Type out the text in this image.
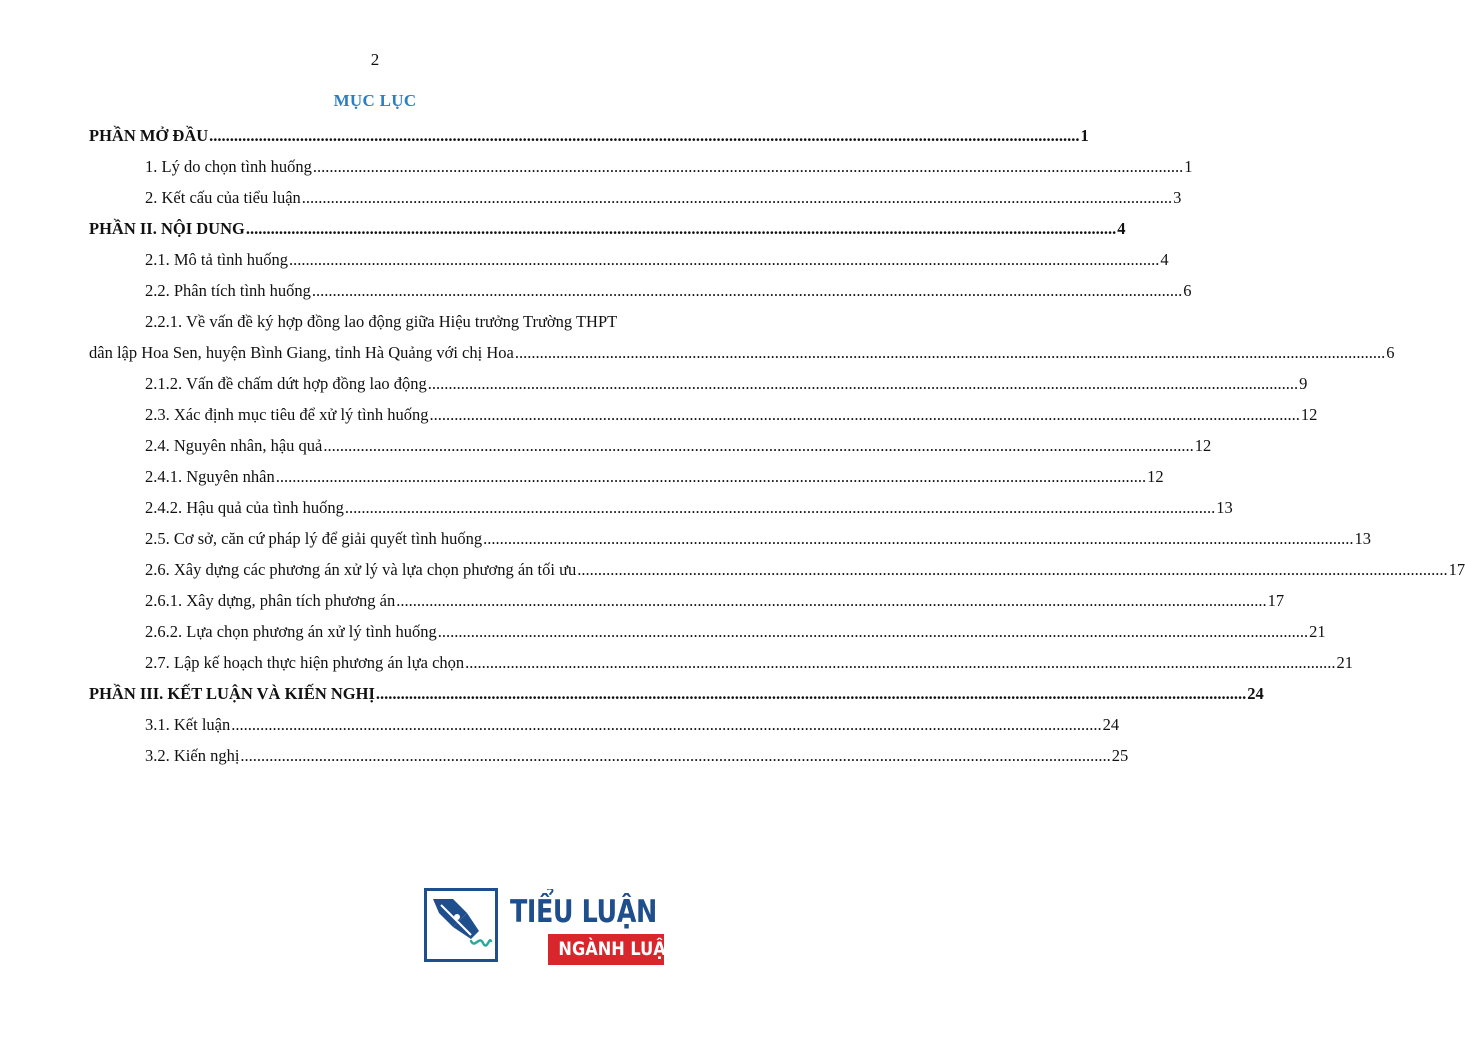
2
MỤC LỤC
PHẦN MỞ ĐẦU .....	1
1. Lý do chọn tình huống .....	1
2. Kết cấu của tiểu luận .....	3
PHẦN II. NỘI DUNG .....	4
2.1. Mô tả tình huống .....	4
2.2. Phân tích tình huống .....	6
2.2.1. Về vấn đề ký hợp đồng lao động giữa Hiệu trưởng Trường THPT
dân lập Hoa Sen, huyện Bình Giang, tỉnh Hà Quảng với chị Hoa .....	6
2.1.2. Vấn đề chấm dứt hợp đồng lao động .....	9
2.3. Xác định mục tiêu để xử lý tình huống .....	12
2.4. Nguyên nhân, hậu quả .....	12
2.4.1. Nguyên nhân .....	12
2.4.2. Hậu quả của tình huống .....	13
2.5. Cơ sở, căn cứ pháp lý để giải quyết tình huống .....	13
2.6. Xây dựng các phương án xử lý và lựa chọn phương án tối ưu .....	17
2.6.1. Xây dựng, phân tích phương án .....	17
2.6.2. Lựa chọn phương án xử lý tình huống .....	21
2.7. Lập kế hoạch thực hiện phương án lựa chọn .....	21
PHẦN III. KẾT LUẬN VÀ KIẾN NGHỊ .....	24
3.1. Kết luận .....	24
3.2. Kiến nghị .....	25
TIỂU LUẬN
NGÀNH LUẬT
